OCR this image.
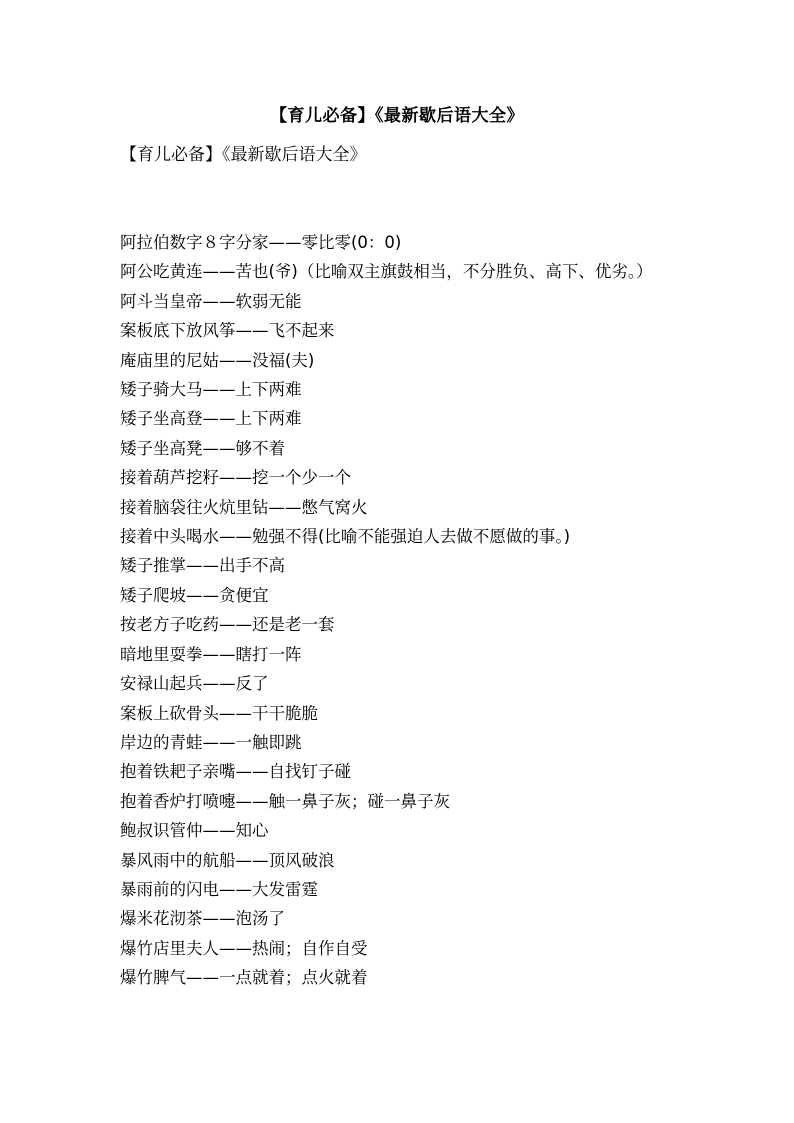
【育儿必备】《最新歇后语大全》
【育儿必备】《最新歇后语大全》

阿拉伯数字８字分家——零比零(0：0)

阿公吃黄连——苦也(爷)（比喻双主旗鼓相当，不分胜负、高下、优劣。）

阿斗当皇帝——软弱无能

案板底下放风筝——飞不起来

庵庙里的尼姑——没福(夫)

矮子骑大马——上下两难

矮子坐高登——上下两难

矮子坐高凳——够不着

接着葫芦挖籽——挖一个少一个

接着脑袋往火炕里钻——憋气窝火

接着中头喝水——勉强不得(比喻不能强迫人去做不愿做的事。)

矮子推掌——出手不高

矮子爬坡——贪便宜

按老方子吃药——还是老一套

暗地里耍拳——瞎打一阵

安禄山起兵——反了

案板上砍骨头——干干脆脆

岸边的青蛙——一触即跳

抱着铁耙子亲嘴——自找钉子碰

抱着香炉打喷嚏——触一鼻子灰；碰一鼻子灰

鲍叔识管仲——知心

暴风雨中的航船——顶风破浪

暴雨前的闪电——大发雷霆

爆米花沏茶——泡汤了

爆竹店里夫人——热闹；自作自受

爆竹脾气——一点就着；点火就着
